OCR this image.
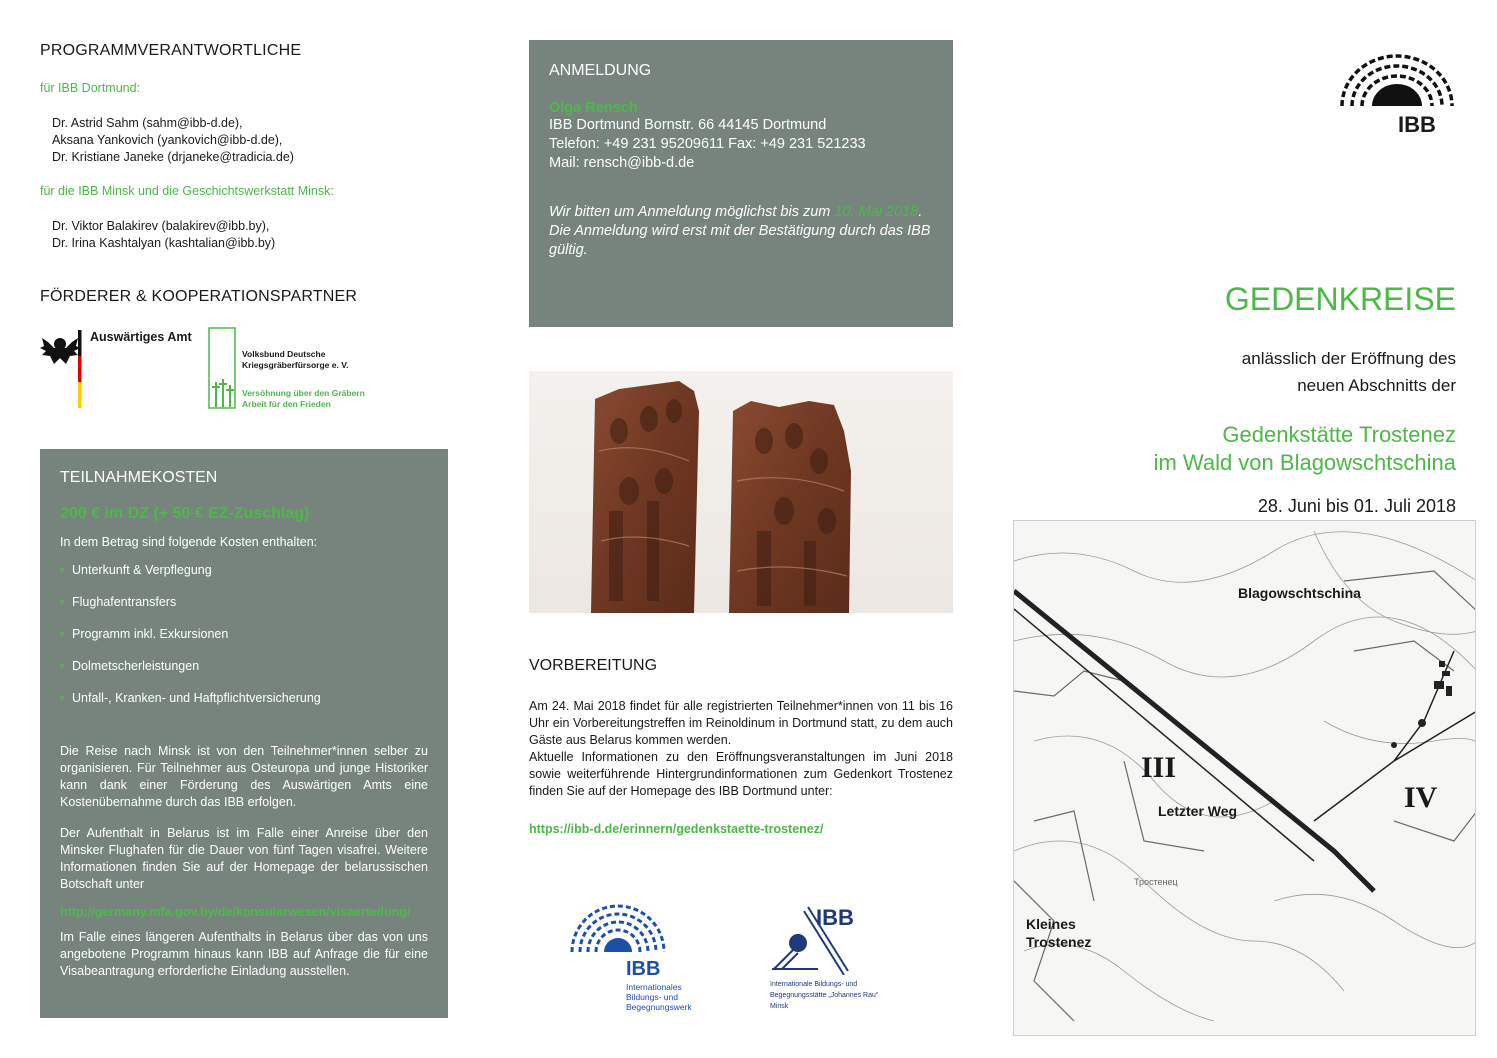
PROGRAMMVERANTWORTLICHE
für IBB Dortmund:
Dr. Astrid Sahm (sahm@ibb-d.de),
Aksana Yankovich (yankovich@ibb-d.de),
Dr. Kristiane Janeke (drjaneke@tradicia.de)
für die IBB Minsk und die Geschichtswerkstatt Minsk:
Dr. Viktor Balakirev (balakirev@ibb.by),
Dr. Irina Kashtalyan (kashtalian@ibb.by)
FÖRDERER & KOOPERATIONSPARTNER
Auswärtiges Amt
Volksbund Deutsche
Kriegsgräberfürsorge e. V.
Versöhnung über den Gräbern
Arbeit für den Frieden
TEILNAHMEKOSTEN
200 € im DZ (+ 50 € EZ-Zuschlag)
In dem Betrag sind folgende Kosten enthalten:
• Unterkunft & Verpflegung
• Flughafentransfers
• Programm inkl. Exkursionen
• Dolmetscherleistungen
• Unfall-, Kranken- und Haftpflichtversicherung

Die Reise nach Minsk ist von den Teilnehmer*innen selber zu organisieren. Für Teilnehmer aus Osteuropa und junge Historiker kann dank einer Förderung des Auswärtigen Amts eine Kostenübernahme durch das IBB erfolgen.

Der Aufenthalt in Belarus ist im Falle einer Anreise über den Minsker Flughafen für die Dauer von fünf Tagen visafrei. Weitere Informationen finden Sie auf der Homepage der belarussischen Botschaft unter

http://germany.mfa.gov.by/de/konsularwesen/visaerteilung/

Im Falle eines längeren Aufenthalts in Belarus über das von uns angebotene Programm hinaus kann IBB auf Anfrage die für eine Visabeantragung erforderliche Einladung ausstellen.

ANMELDUNG
Olga Rensch
IBB Dortmund Bornstr. 66 44145 Dortmund
Telefon: +49 231 95209611 Fax: +49 231 521233
Mail: rensch@ibb-d.de
Wir bitten um Anmeldung möglichst bis zum 10. Mai 2018. Die Anmeldung wird erst mit der Bestätigung durch das IBB gültig.
VORBEREITUNG
Am 24. Mai 2018 findet für alle registrierten Teilnehmer*innen von 11 bis 16 Uhr ein Vorbereitungstreffen im Reinoldinum in Dortmund statt, zu dem auch Gäste aus Belarus kommen werden.
Aktuelle Informationen zu den Eröffnungsveranstaltungen im Juni 2018 sowie weiterführende Hintergrundinformationen zum Gedenkort Trostenez finden Sie auf der Homepage des IBB Dortmund unter:
https://ibb-d.de/erinnern/gedenkstaette-trostenez/
IBB
Internationales
Bildungs- und
Begegnungswerk
IBB
Internationale Bildungs- und
Begegnungsstätte „Johannes Rau“
Minsk
IBB
GEDENKREISE
anlässlich der Eröffnung des
neuen Abschnitts der
Gedenkstätte Trostenez
im Wald von Blagowschtschina
28. Juni bis 01. Juli 2018
Blagowschtschina
III
IV
Letzter Weg
Тростенец
Kleines
Trostenez
